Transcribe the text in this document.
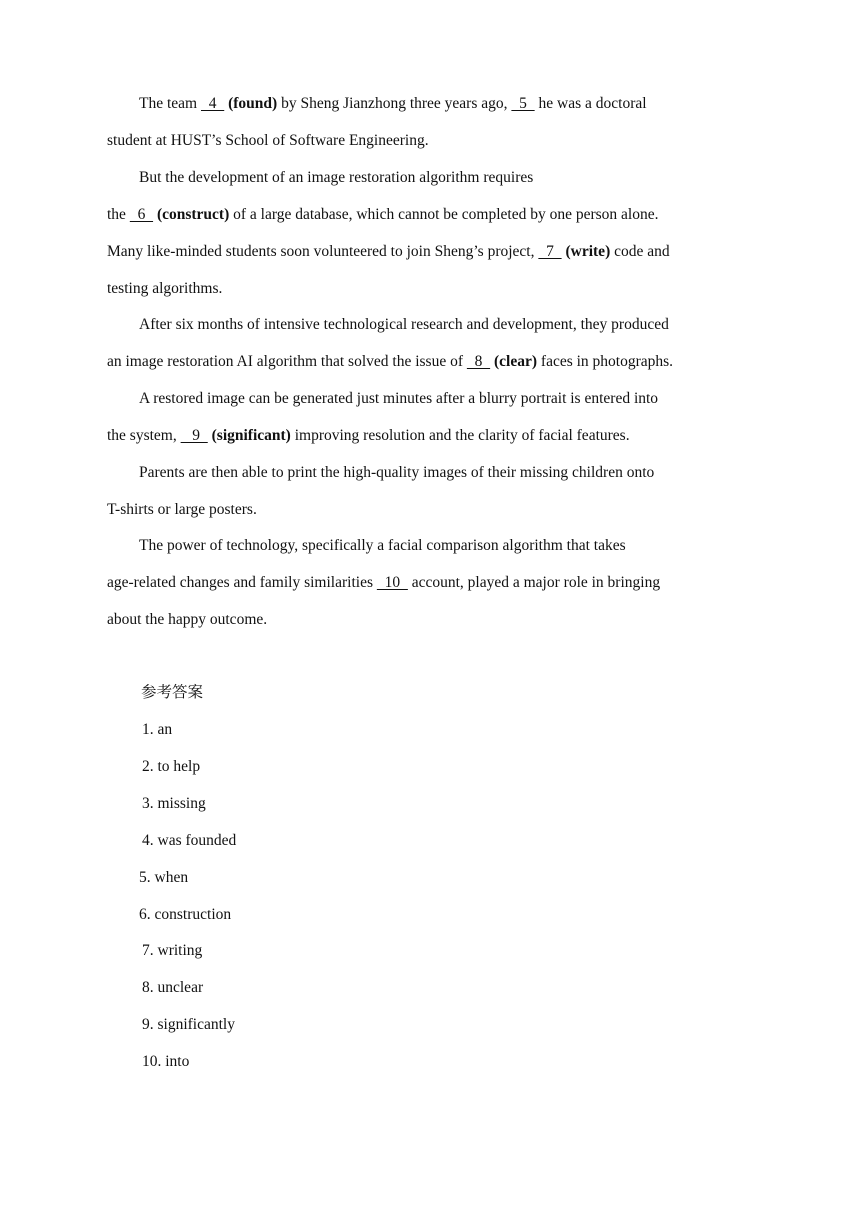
The team   4   (found) by Sheng Jianzhong three years ago,   5   he was a doctoral
student at HUST’s School of Software Engineering.
But the development of an image restoration algorithm requires
the   6   (construct) of a large database, which cannot be completed by one person alone.
Many like-minded students soon volunteered to join Sheng’s project,   7   (write) code and
testing algorithms.
After six months of intensive technological research and development, they produced
an image restoration AI algorithm that solved the issue of   8   (clear) faces in photographs.
A restored image can be generated just minutes after a blurry portrait is entered into
the system,    9   (significant) improving resolution and the clarity of facial features.
Parents are then able to print the high-quality images of their missing children onto
T-shirts or large posters.
The power of technology, specifically a facial comparison algorithm that takes
age-related changes and family similarities   10   account, played a major role in bringing
about the happy outcome.
参考答案
1. an
2. to help
3. missing
4. was founded
5. when
6. construction
7. writing
8. unclear
9. significantly
10. into
